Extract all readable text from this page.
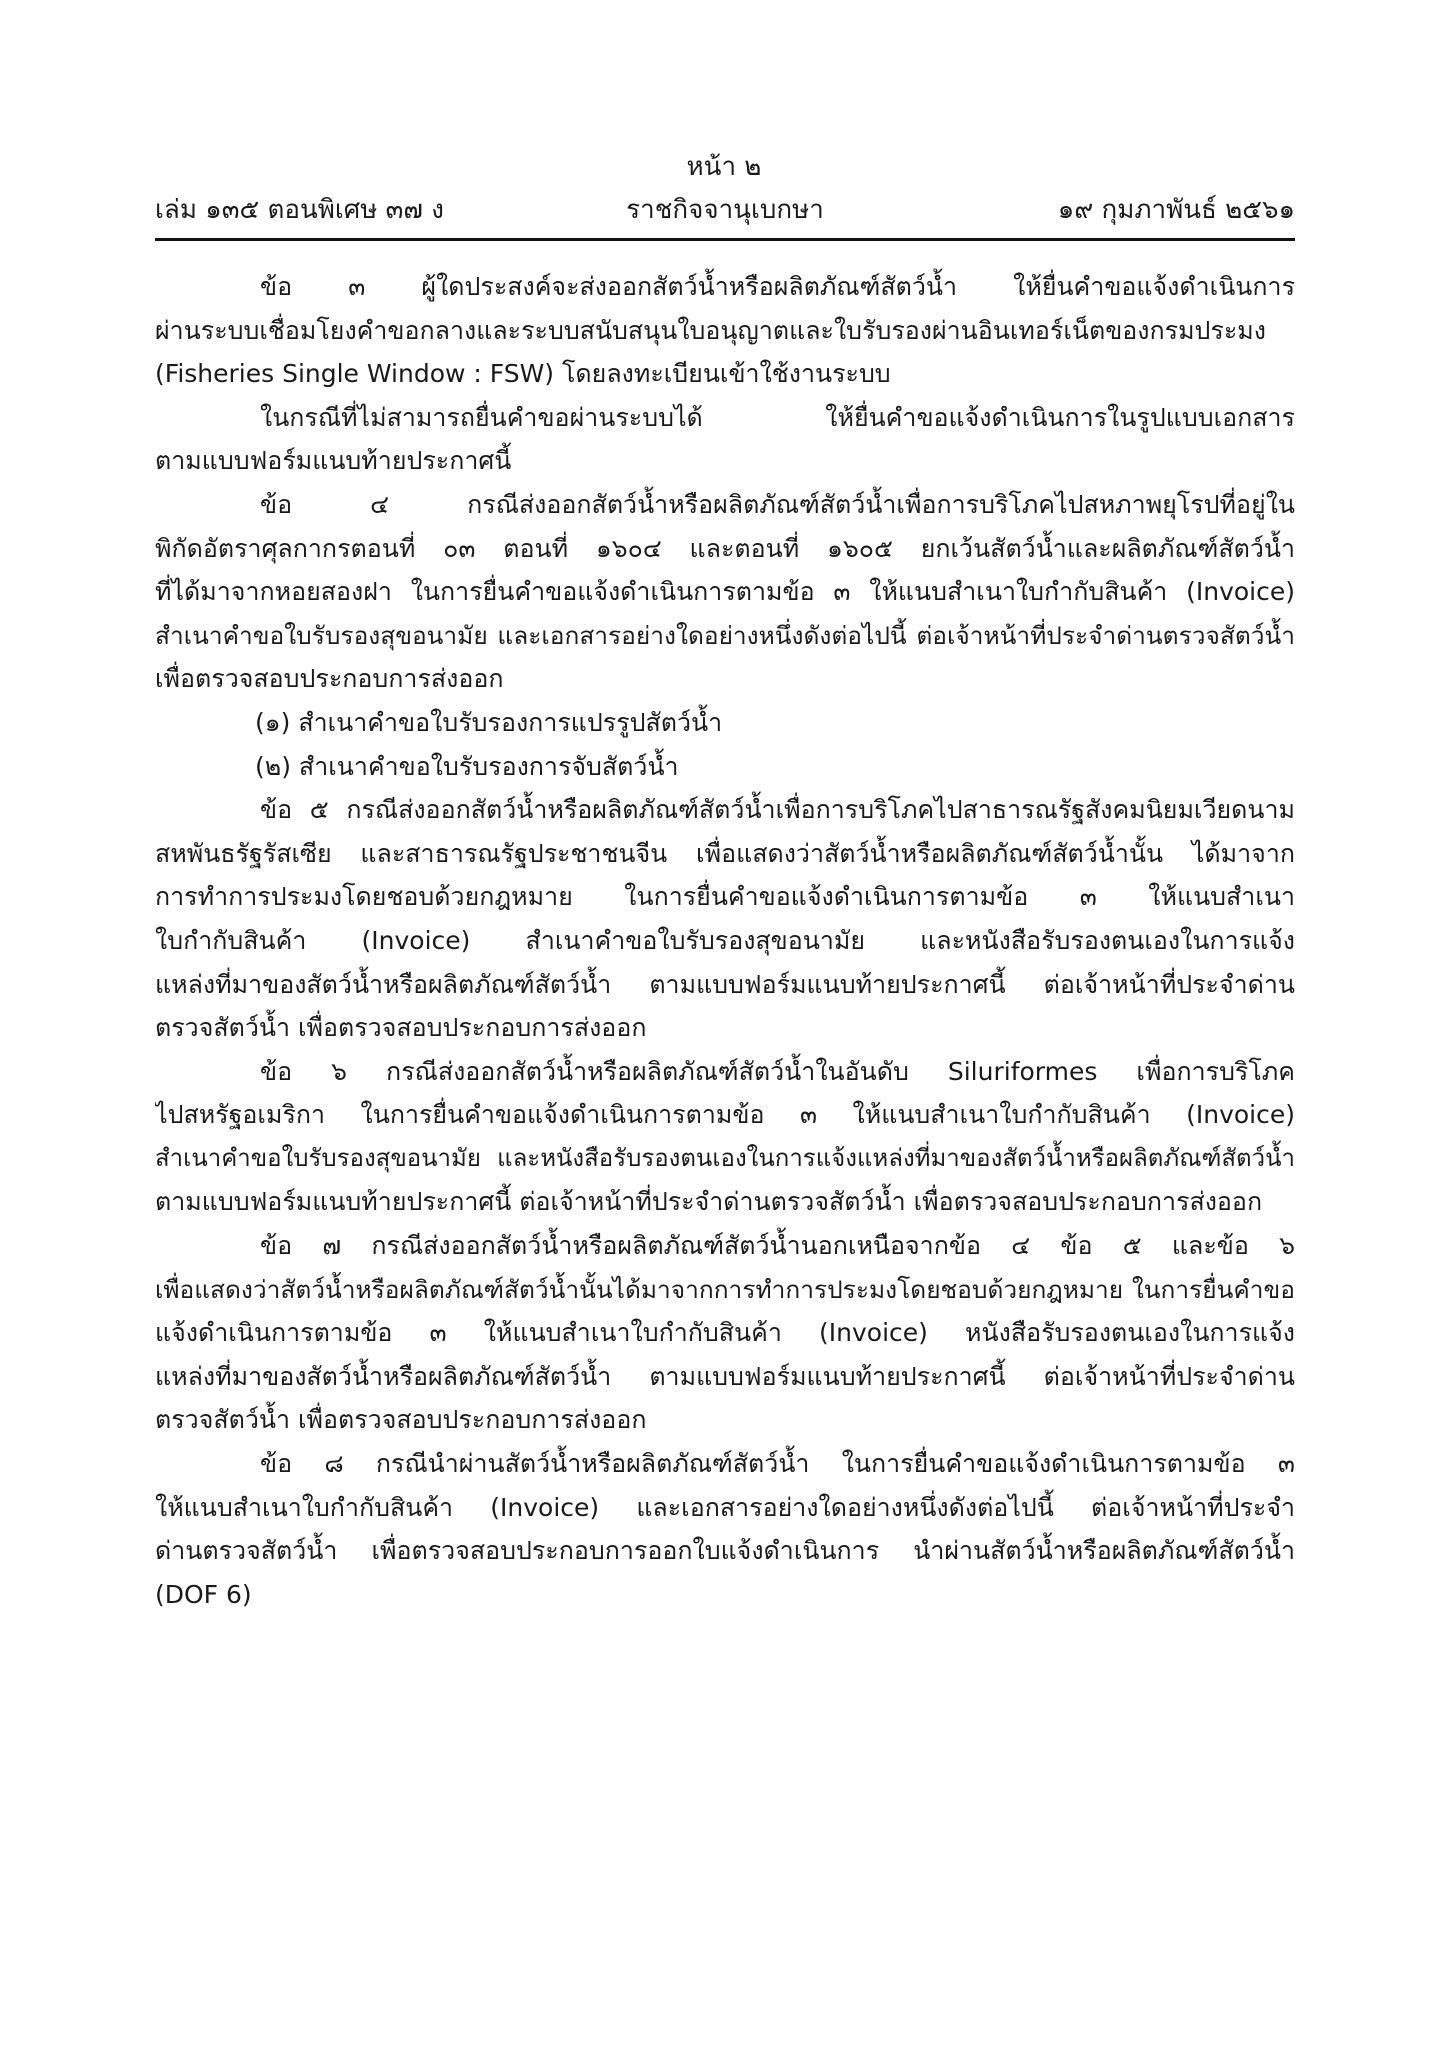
หน้า ๒

เล่ม ๑๓๕ ตอนพิเศษ ๓๗ ง	ราชกิจจานุเบกษา	๑๙ กุมภาพันธ์ ๒๕๖๑
ข้อ ๓ ผู้ใดประสงค์จะส่งออกสัตว์น้ำหรือผลิตภัณฑ์สัตว์น้ำ ให้ยื่นคำขอแจ้งดำเนินการ
ผ่านระบบเชื่อมโยงคำขอกลางและระบบสนับสนุนใบอนุญาตและใบรับรองผ่านอินเทอร์เน็ตของกรมประมง
(Fisheries Single Window : FSW) โดยลงทะเบียนเข้าใช้งานระบบ
ในกรณีที่ไม่สามารถยื่นคำขอผ่านระบบได้ ให้ยื่นคำขอแจ้งดำเนินการในรูปแบบเอกสาร
ตามแบบฟอร์มแนบท้ายประกาศนี้
ข้อ ๔ กรณีส่งออกสัตว์น้ำหรือผลิตภัณฑ์สัตว์น้ำเพื่อการบริโภคไปสหภาพยุโรปที่อยู่ใน
พิกัดอัตราศุลกากรตอนที่ ๐๓ ตอนที่ ๑๖๐๔ และตอนที่ ๑๖๐๕ ยกเว้นสัตว์น้ำและผลิตภัณฑ์สัตว์น้ำ
ที่ได้มาจากหอยสองฝา ในการยื่นคำขอแจ้งดำเนินการตามข้อ ๓ ให้แนบสำเนาใบกำกับสินค้า (Invoice)
สำเนาคำขอใบรับรองสุขอนามัย และเอกสารอย่างใดอย่างหนึ่งดังต่อไปนี้ ต่อเจ้าหน้าที่ประจำด่านตรวจสัตว์น้ำ
เพื่อตรวจสอบประกอบการส่งออก
(๑) สำเนาคำขอใบรับรองการแปรรูปสัตว์น้ำ
(๒) สำเนาคำขอใบรับรองการจับสัตว์น้ำ
ข้อ ๕ กรณีส่งออกสัตว์น้ำหรือผลิตภัณฑ์สัตว์น้ำเพื่อการบริโภคไปสาธารณรัฐสังคมนิยมเวียดนาม
สหพันธรัฐรัสเซีย และสาธารณรัฐประชาชนจีน เพื่อแสดงว่าสัตว์น้ำหรือผลิตภัณฑ์สัตว์น้ำนั้น ได้มาจาก
การทำการประมงโดยชอบด้วยกฎหมาย ในการยื่นคำขอแจ้งดำเนินการตามข้อ ๓ ให้แนบสำเนา
ใบกำกับสินค้า (Invoice) สำเนาคำขอใบรับรองสุขอนามัย และหนังสือรับรองตนเองในการแจ้ง
แหล่งที่มาของสัตว์น้ำหรือผลิตภัณฑ์สัตว์น้ำ ตามแบบฟอร์มแนบท้ายประกาศนี้ ต่อเจ้าหน้าที่ประจำด่าน
ตรวจสัตว์น้ำ เพื่อตรวจสอบประกอบการส่งออก
ข้อ ๖ กรณีส่งออกสัตว์น้ำหรือผลิตภัณฑ์สัตว์น้ำในอันดับ Siluriformes เพื่อการบริโภค
ไปสหรัฐอเมริกา ในการยื่นคำขอแจ้งดำเนินการตามข้อ ๓ ให้แนบสำเนาใบกำกับสินค้า (Invoice)
สำเนาคำขอใบรับรองสุขอนามัย และหนังสือรับรองตนเองในการแจ้งแหล่งที่มาของสัตว์น้ำหรือผลิตภัณฑ์สัตว์น้ำ
ตามแบบฟอร์มแนบท้ายประกาศนี้ ต่อเจ้าหน้าที่ประจำด่านตรวจสัตว์น้ำ เพื่อตรวจสอบประกอบการส่งออก
ข้อ ๗ กรณีส่งออกสัตว์น้ำหรือผลิตภัณฑ์สัตว์น้ำนอกเหนือจากข้อ ๔ ข้อ ๕ และข้อ ๖
เพื่อแสดงว่าสัตว์น้ำหรือผลิตภัณฑ์สัตว์น้ำนั้นได้มาจากการทำการประมงโดยชอบด้วยกฎหมาย ในการยื่นคำขอ
แจ้งดำเนินการตามข้อ ๓ ให้แนบสำเนาใบกำกับสินค้า (Invoice) หนังสือรับรองตนเองในการแจ้ง
แหล่งที่มาของสัตว์น้ำหรือผลิตภัณฑ์สัตว์น้ำ ตามแบบฟอร์มแนบท้ายประกาศนี้ ต่อเจ้าหน้าที่ประจำด่าน
ตรวจสัตว์น้ำ เพื่อตรวจสอบประกอบการส่งออก
ข้อ ๘ กรณีนำผ่านสัตว์น้ำหรือผลิตภัณฑ์สัตว์น้ำ ในการยื่นคำขอแจ้งดำเนินการตามข้อ ๓
ให้แนบสำเนาใบกำกับสินค้า (Invoice) และเอกสารอย่างใดอย่างหนึ่งดังต่อไปนี้ ต่อเจ้าหน้าที่ประจำ
ด่านตรวจสัตว์น้ำ เพื่อตรวจสอบประกอบการออกใบแจ้งดำเนินการ นำผ่านสัตว์น้ำหรือผลิตภัณฑ์สัตว์น้ำ
(DOF 6)
